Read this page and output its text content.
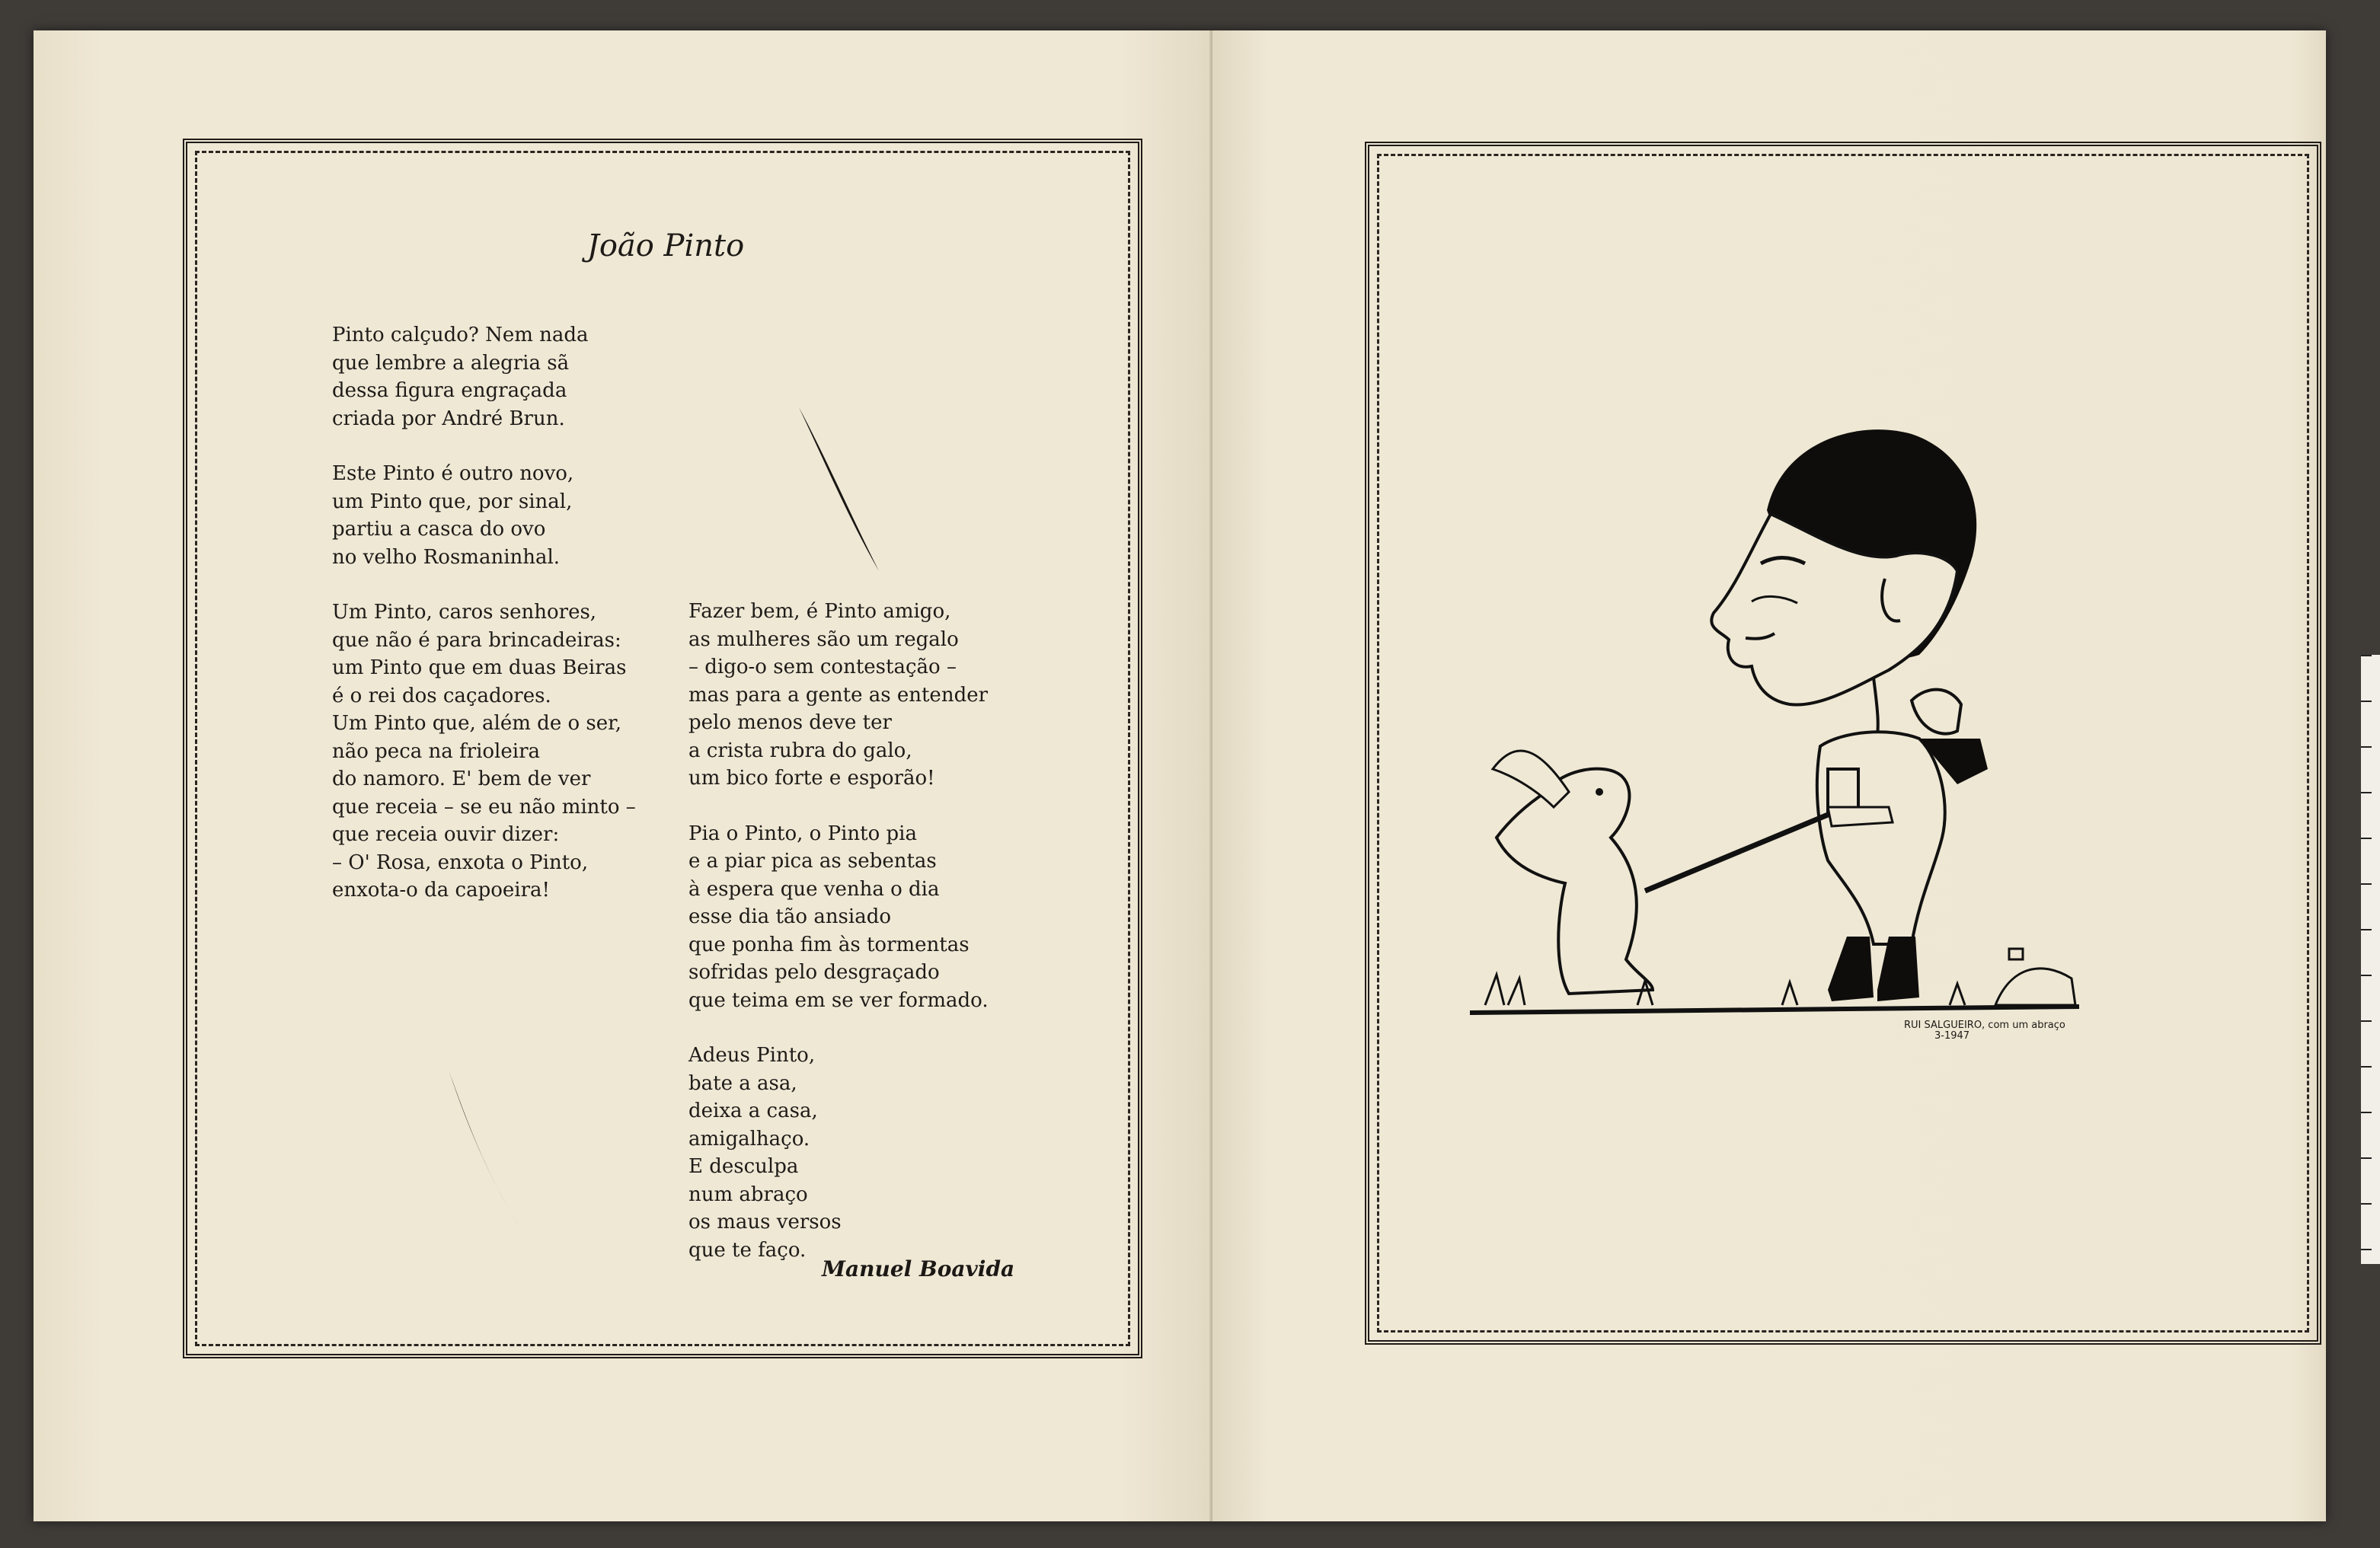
João Pinto
Pinto calçudo? Nem nada
que lembre a alegria sã
dessa figura engraçada
criada por André Brun.
Este Pinto é outro novo,
um Pinto que, por sinal,
partiu a casca do ovo
no velho Rosmaninhal.
Um Pinto, caros senhores,
que não é para brincadeiras:
um Pinto que em duas Beiras
é o rei dos caçadores.
Um Pinto que, além de o ser,
não peca na frioleira
do namoro. E' bem de ver
que receia – se eu não minto –
que receia ouvir dizer:
– O' Rosa, enxota o Pinto,
enxota-o da capoeira!
Fazer bem, é Pinto amigo,
as mulheres são um regalo
– digo-o sem contestação –
mas para a gente as entender
pelo menos deve ter
a crista rubra do galo,
um bico forte e esporão!
Pia o Pinto, o Pinto pia
e a piar pica as sebentas
à espera que venha o dia
esse dia tão ansiado
que ponha fim às tormentas
sofridas pelo desgraçado
que teima em se ver formado.
Adeus Pinto,
bate a asa,
deixa a casa,
amigalhaço.
E desculpa
num abraço
os maus versos
que te faço.
Manuel Boavida
RUI SALGUEIRO, com um abraço
3-1947
